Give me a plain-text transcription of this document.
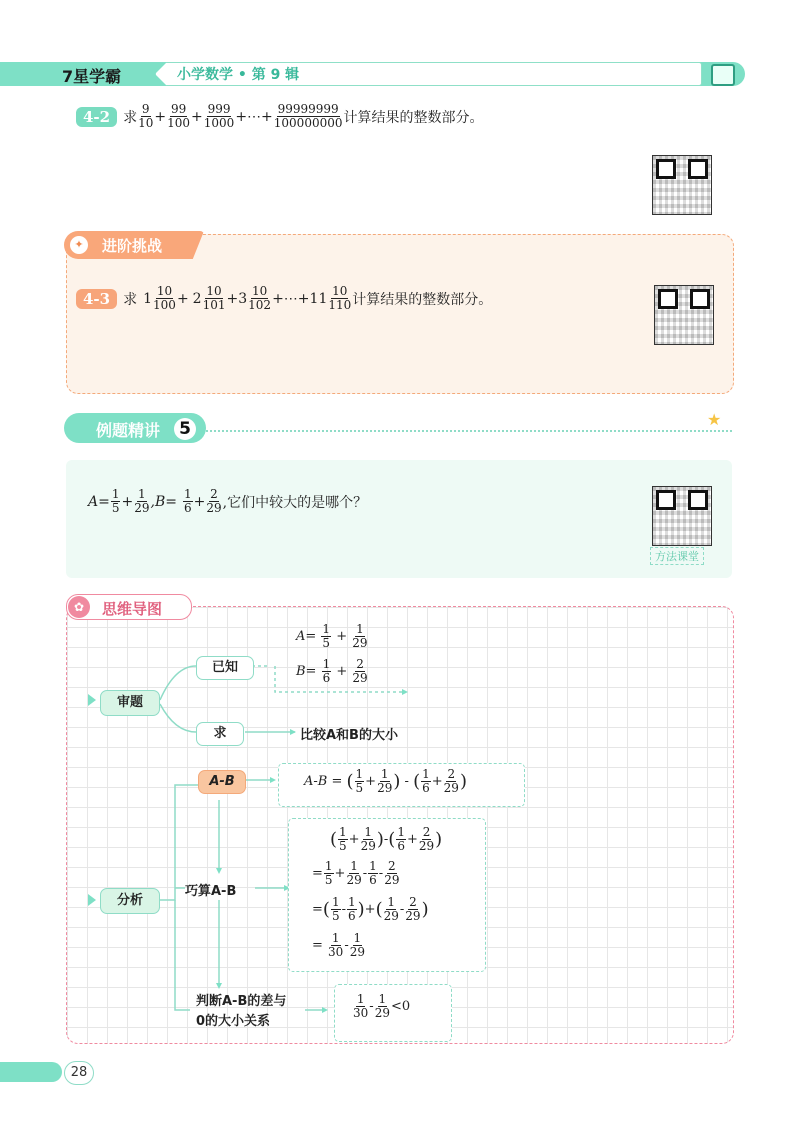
7星学霸	小学数学 • 第 9 辑
4-2 求 $\frac{9}{10} + \frac{99}{100} + \frac{999}{1000}$ +⋯+ $\frac{99999999}{100000000}$ 计算结果的整数部分。
✦ 进阶挑战
4-3 求 $1 \frac{10}{100} + 2 \frac{10}{101} + 3 \frac{10}{102}$ +⋯+ $11 \frac{10}{110}$ 计算结果的整数部分。
例题精讲 5	★
$A= \frac{1}{5} + \frac{1}{29} ,B= \frac{1}{6} + \frac{2}{29}$ ,它们中较大的是哪个？
方法课堂
✿	思维导图
审题
已知
求
分析
A-B
$A= \frac{1}{5} + \frac{1}{29}$
$B= \frac{1}{6} + \frac{2}{29}$
比较A和B的大小
A-B = ( $\frac{1}{5} + \frac{1}{29}$ ) - ( $\frac{1}{6} + \frac{2}{29}$ )
巧算A-B
( $\frac{1}{5} + \frac{1}{29}$ )-( $\frac{1}{6} + \frac{2}{29}$ )
= $\frac{1}{5} + \frac{1}{29} - \frac{1}{6} - \frac{2}{29}$
=( $\frac{1}{5} - \frac{1}{6}$ )+( $\frac{1}{29} - \frac{2}{29}$ )
= $\frac{1}{30} - \frac{1}{29}$
判断A-B的差与
0的大小关系
$\frac{1}{30} - \frac{1}{29} <0$
28
